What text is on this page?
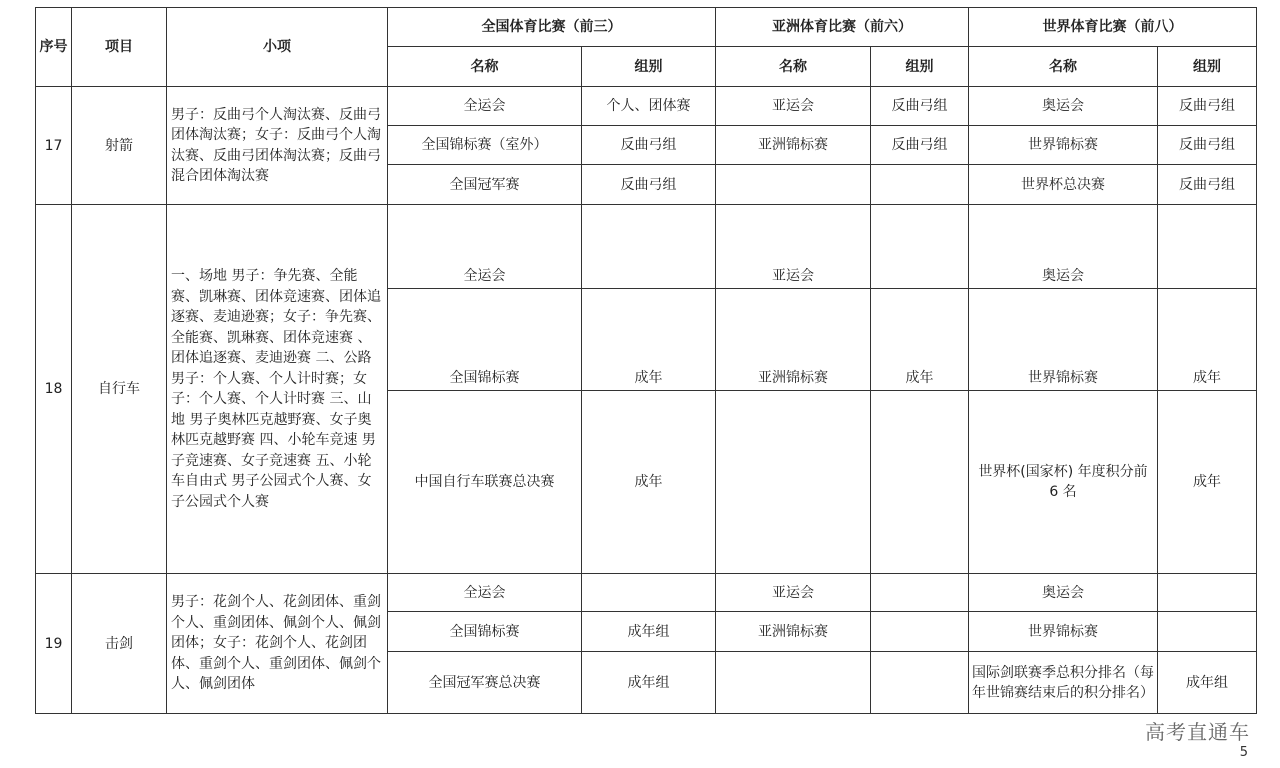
序号	项目	小项	全国体育比赛（前三）		亚洲体育比赛（前六）		世界体育比赛（前八）	
			名称	组别	名称	组别	名称	组别
17	射箭	男子：反曲弓个人淘汰赛、反曲弓团体淘汰赛；女子：反曲弓个人淘汰赛、反曲弓团体淘汰赛；反曲弓混合团体淘汰赛	全运会	个人、团体赛	亚运会	反曲弓组	奥运会	反曲弓组
			全国锦标赛（室外）	反曲弓组	亚洲锦标赛	反曲弓组	世界锦标赛	反曲弓组
			全国冠军赛	反曲弓组			世界杯总决赛	反曲弓组
18	自行车	一、场地 男子：争先赛、全能赛、凯琳赛、团体竞速赛、团体追逐赛、麦迪逊赛；女子：争先赛、全能赛、凯琳赛、团体竞速赛 、团体追逐赛、麦迪逊赛 二、公路 男子：个人赛、个人计时赛；女子：个人赛、个人计时赛 三、山地 男子奥林匹克越野赛、女子奥林匹克越野赛 四、小轮车竞速 男子竞速赛、女子竞速赛 五、小轮车自由式 男子公园式个人赛、女子公园式个人赛	全运会		亚运会		奥运会	
			全国锦标赛	成年	亚洲锦标赛	成年	世界锦标赛	成年
			中国自行车联赛总决赛	成年			世界杯(国家杯) 年度积分前 6 名	成年
19	击剑	男子：花剑个人、花剑团体、重剑个人、重剑团体、佩剑个人、佩剑团体；女子：花剑个人、花剑团体、重剑个人、重剑团体、佩剑个人、佩剑团体	全运会		亚运会		奥运会	
			全国锦标赛	成年组	亚洲锦标赛		世界锦标赛	
			全国冠军赛总决赛	成年组			国际剑联赛季总积分排名（每年世锦赛结束后的积分排名）	成年组
高考直通车
5
